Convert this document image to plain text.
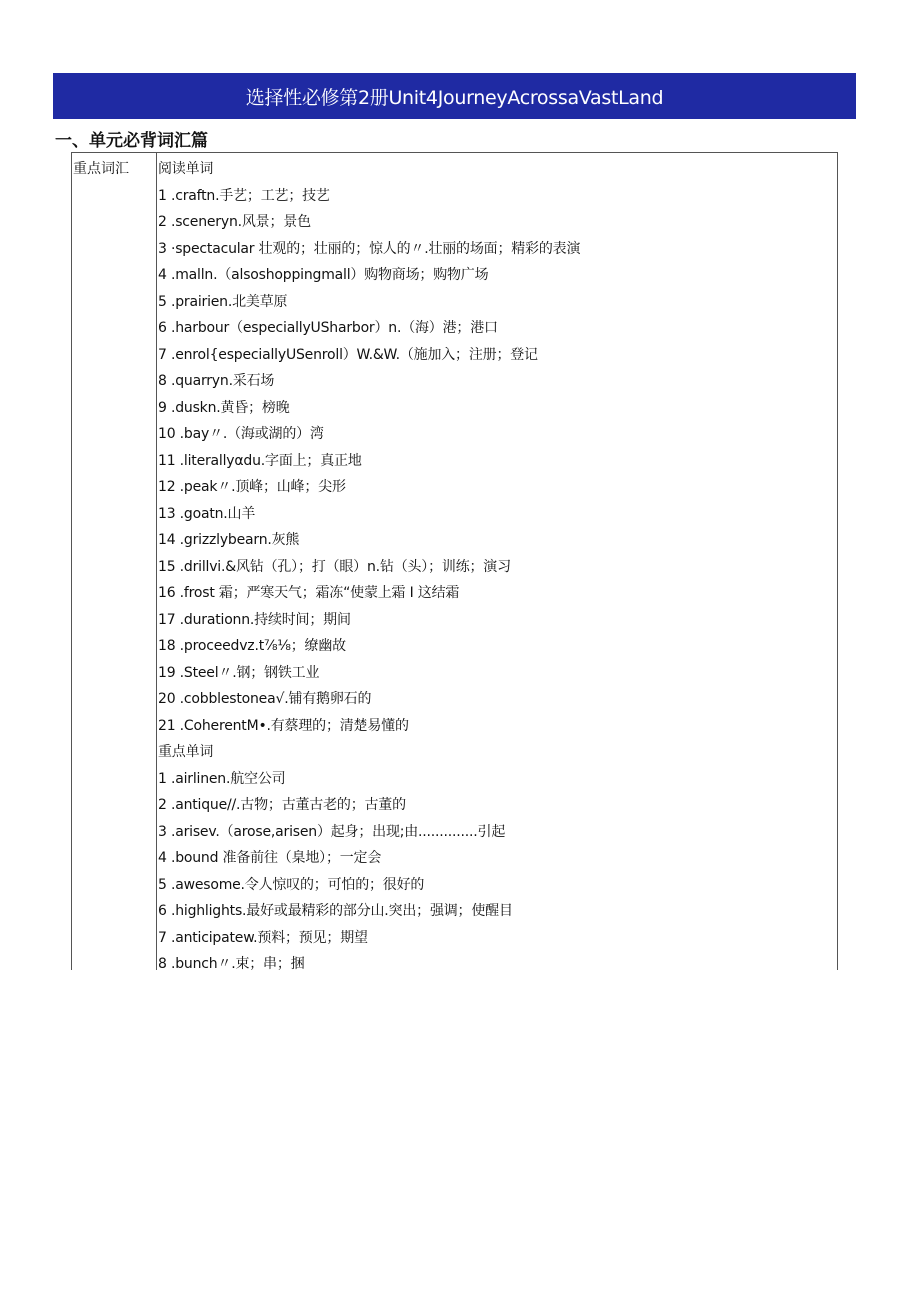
选择性必修第2册Unit4JourneyAcrossaVastLand
一、单元必背词汇篇
重点词汇 阅读单词
1 .craftn.手艺；工艺；技艺
2 .sceneryn.风景；景色
3 ·spectacular 壮观的；壮丽的；惊人的〃.壮丽的场面；精彩的表演
4 .malln.（alsoshoppingmall）购物商场；购物广场
5 .prairien.北美草原
6 .harbour（especiallyUSharbor）n.（海）港；港口
7 .enrol{especiallyUSenroll）W.&W.（施加入；注册；登记
8 .quarryn.采石场
9 .duskn.黄昏；榜晚
10 .bay〃.（海或湖的）湾
11 .literallyαdu.字面上；真正地
12 .peak〃.顶峰；山峰；尖形
13 .goatn.山羊
14 .grizzlybearn.灰熊
15 .drillvi.&风钻（孔）；打（眼）n.钻（头）；训练；演习
16 .frost 霜；严寒天气；霜冻“使蒙上霜 I 这结霜
17 .durationn.持续时间；期间
18 .proceedvz.t⅞⅛；缭幽故
19 .Steel〃.钢；钢铁工业
20 .cobblestonea√.铺有鹅卵石的
21 .CoherentM•.有蔡理的；清楚易懂的
重点单词
1 .airlinen.航空公司
2 .antique//.古物；古董古老的；古董的
3 .arisev.（arose,arisen）起身；出现;由..............引起
4 .bound 准备前往（臬地）；一定会
5 .awesome.令人惊叹的；可怕的；很好的
6 .highlights.最好或最精彩的部分山.突出；强调；使醒目
7 .anticipatew.预料；预见；期望
8 .bunch〃.束；串；捆
